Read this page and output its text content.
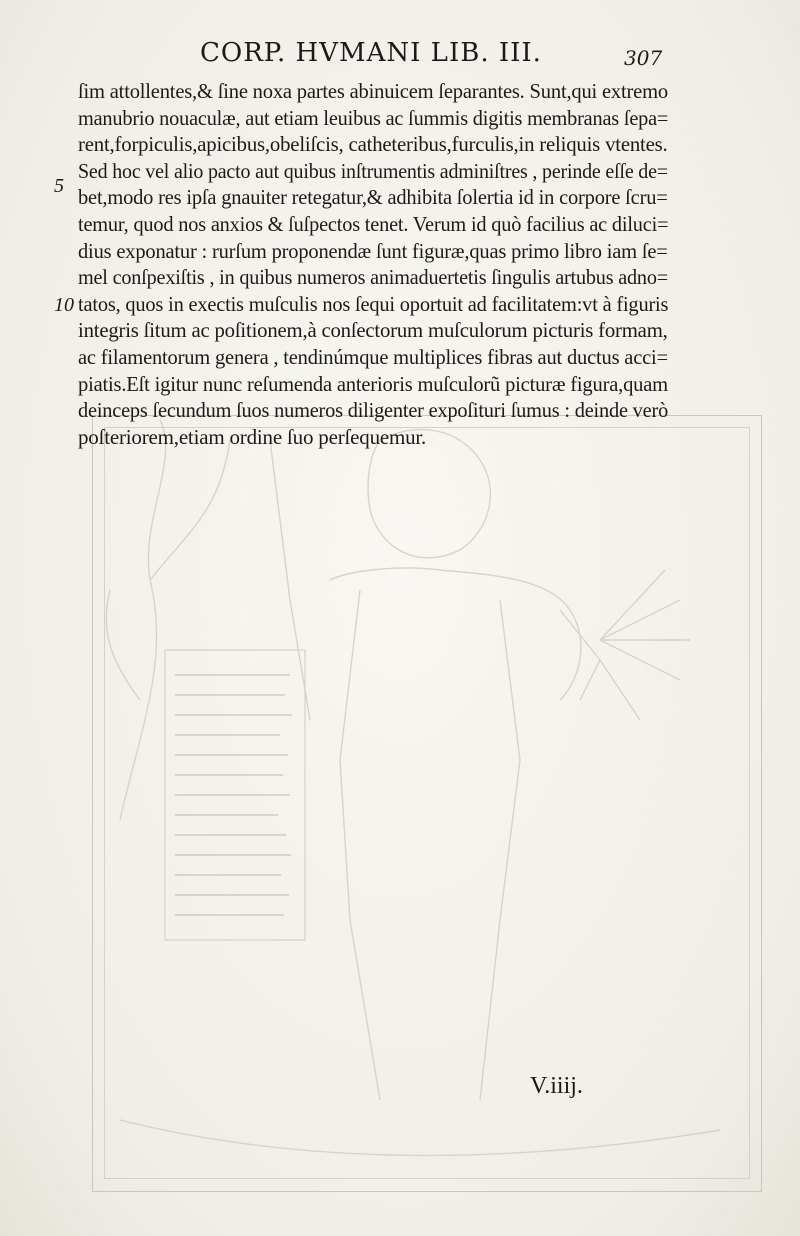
CORP. HVMANI LIB. III.	307
5
10
ſim attollentes,& ſine noxa partes abinuicem ſeparantes. Sunt,qui extremo
manubrio nouaculæ, aut etiam leuibus ac ſummis digitis membranas ſepa=
rent,forpiculis,apicibus,obeliſcis, catheteribus,furculis,in reliquis vtentes.
Sed hoc vel alio pacto aut quibus inſtrumentis adminiſtres , perinde eſſe de=
bet,modo res ipſa gnauiter retegatur,& adhibita ſolertia id in corpore ſcru=
temur, quod nos anxios & ſuſpectos tenet. Verum id quò facilius ac diluci=
dius exponatur : rurſum proponendæ ſunt figuræ,quas primo libro iam ſe=
mel conſpexiſtis , in quibus numeros animaduertetis ſingulis artubus adno=
tatos, quos in exectis muſculis nos ſequi oportuit ad facilitatem:vt à figuris
integris ſitum ac poſitionem,à conſectorum muſculorum picturis formam,
ac filamentorum genera , tendinúmque multiplices fibras aut ductus acci=
piatis.Eſt igitur nunc reſumenda anterioris muſculorũ picturæ figura,quam
deinceps ſecundum ſuos numeros diligenter expoſituri ſumus : deinde verò
poſteriorem,etiam ordine ſuo perſequemur.
V.iiij.
